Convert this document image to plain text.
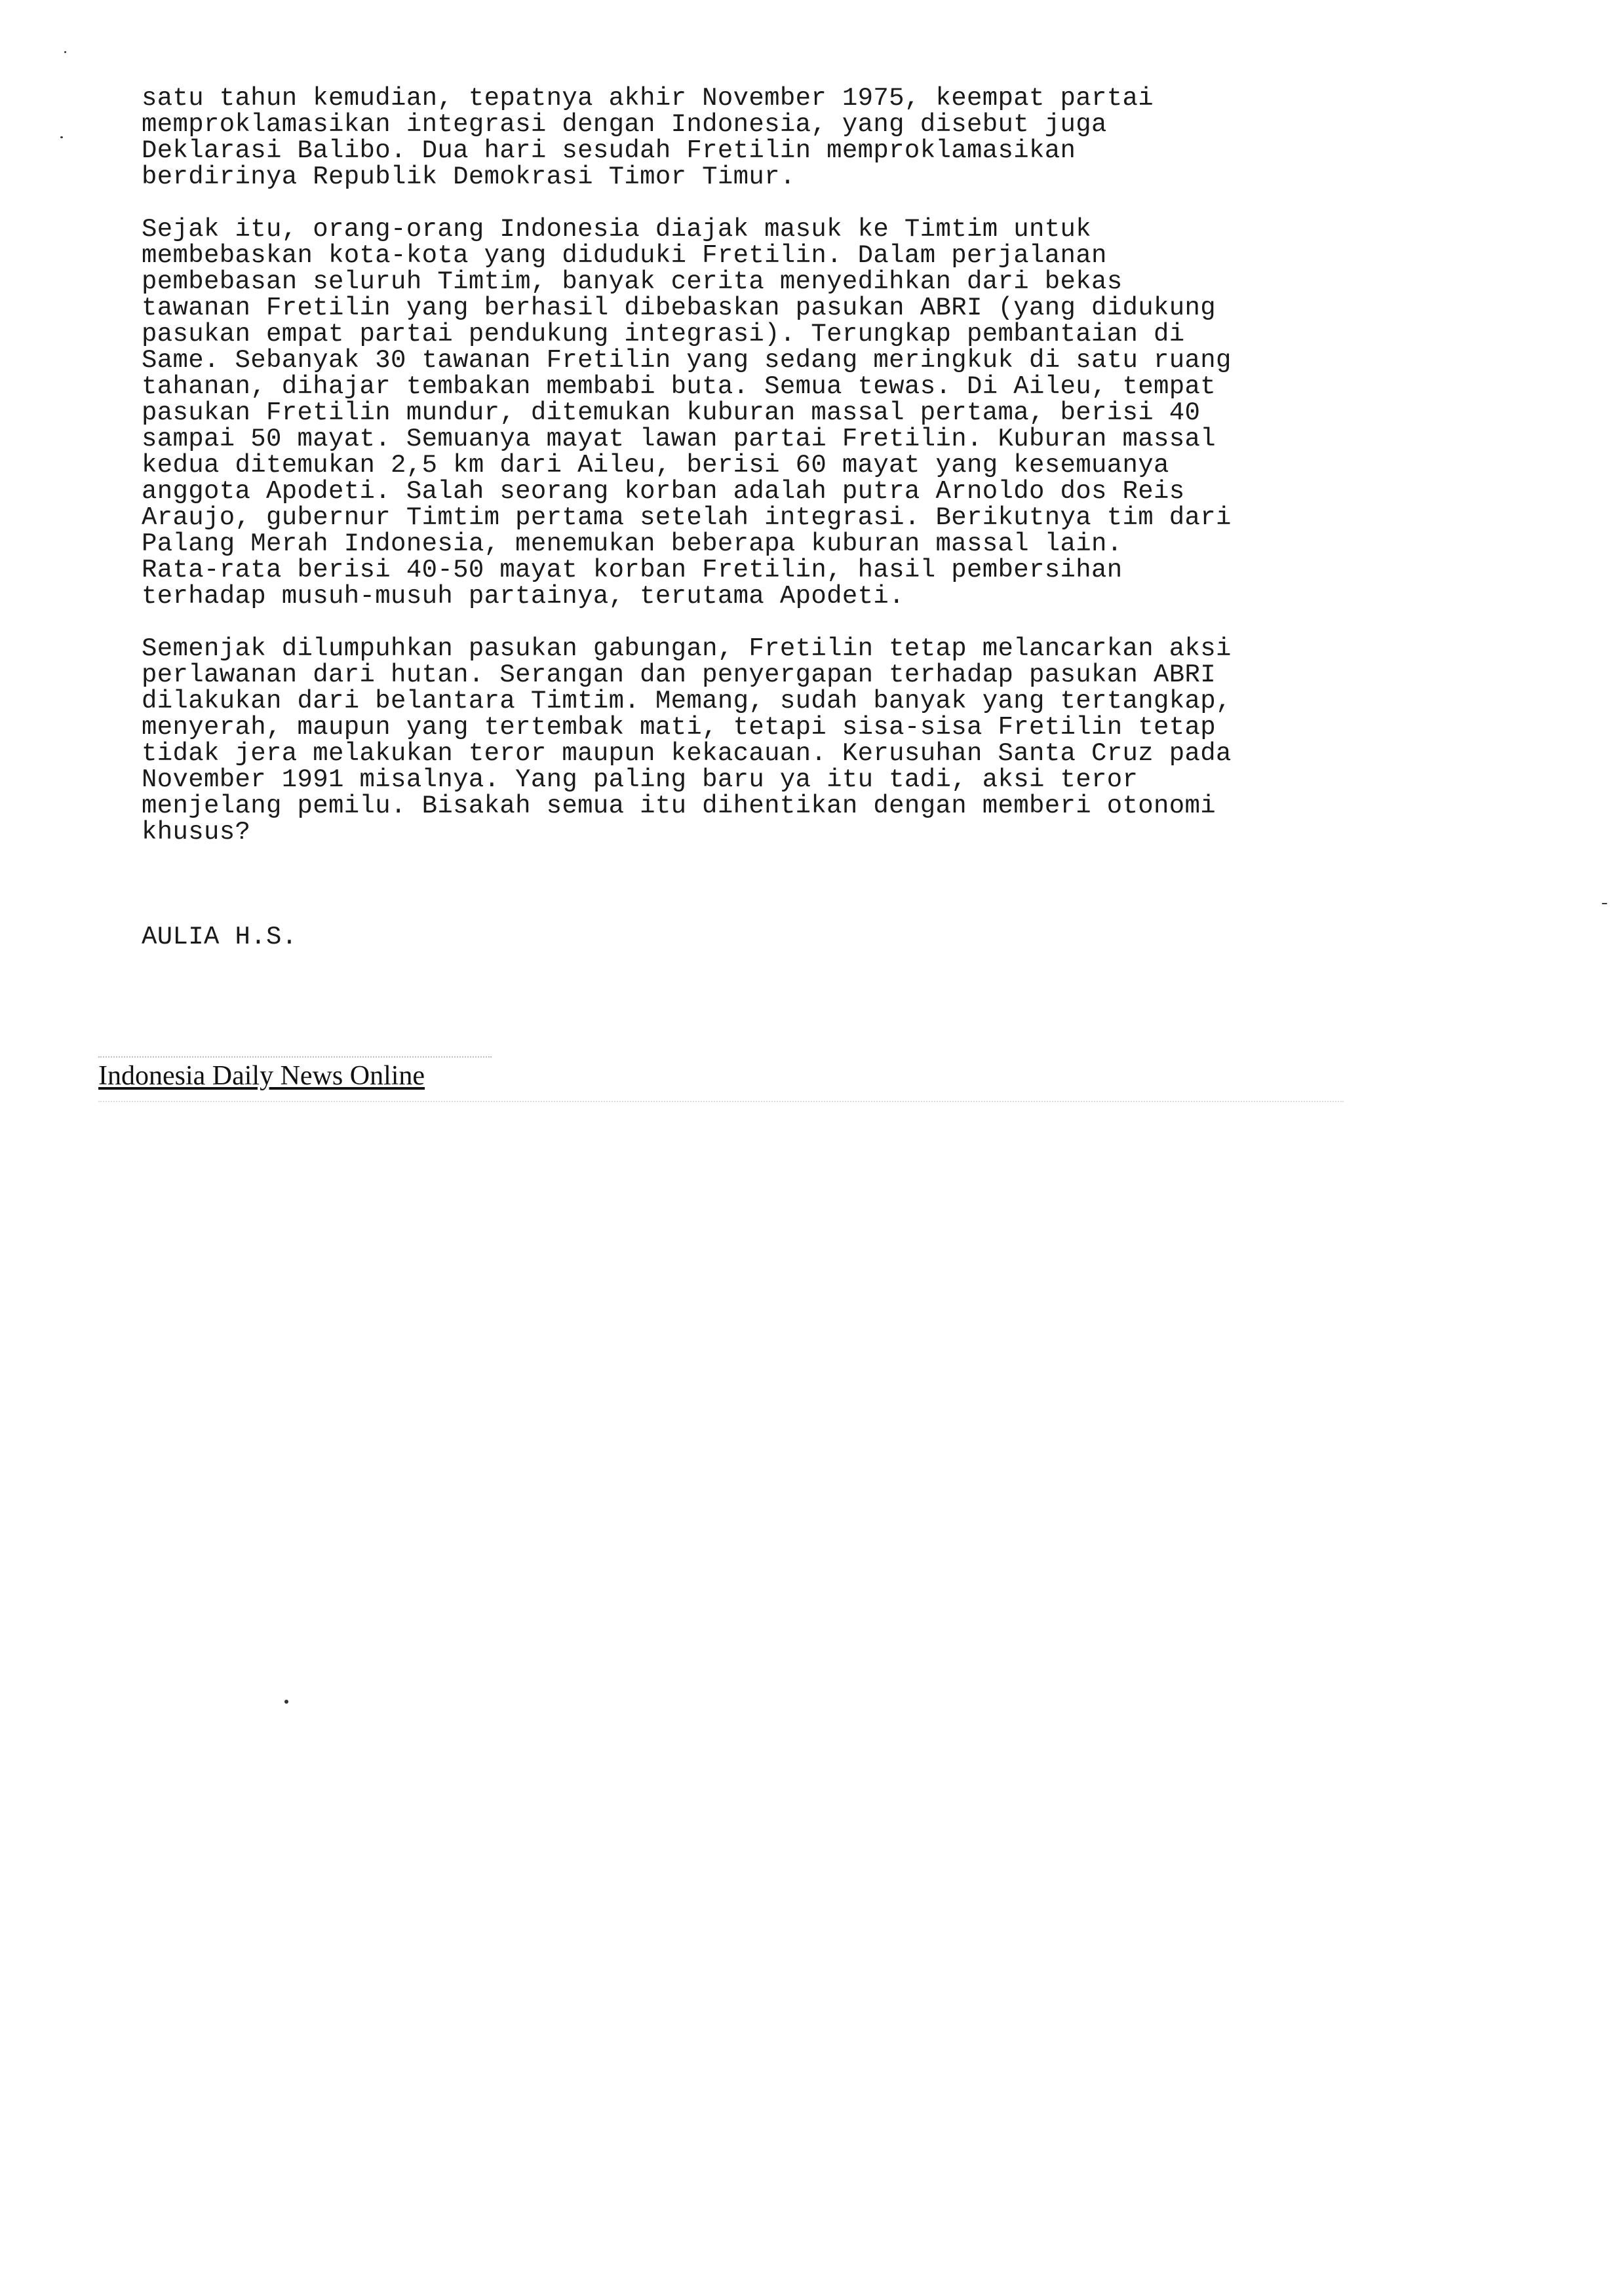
satu tahun kemudian, tepatnya akhir November 1975, keempat partai
memproklamasikan integrasi dengan Indonesia, yang disebut juga
Deklarasi Balibo. Dua hari sesudah Fretilin memproklamasikan
berdirinya Republik Demokrasi Timor Timur.
Sejak itu, orang-orang Indonesia diajak masuk ke Timtim untuk
membebaskan kota-kota yang diduduki Fretilin. Dalam perjalanan
pembebasan seluruh Timtim, banyak cerita menyedihkan dari bekas
tawanan Fretilin yang berhasil dibebaskan pasukan ABRI (yang didukung
pasukan empat partai pendukung integrasi). Terungkap pembantaian di
Same. Sebanyak 30 tawanan Fretilin yang sedang meringkuk di satu ruang
tahanan, dihajar tembakan membabi buta. Semua tewas. Di Aileu, tempat
pasukan Fretilin mundur, ditemukan kuburan massal pertama, berisi 40
sampai 50 mayat. Semuanya mayat lawan partai Fretilin. Kuburan massal
kedua ditemukan 2,5 km dari Aileu, berisi 60 mayat yang kesemuanya
anggota Apodeti. Salah seorang korban adalah putra Arnoldo dos Reis
Araujo, gubernur Timtim pertama setelah integrasi. Berikutnya tim dari
Palang Merah Indonesia, menemukan beberapa kuburan massal lain.
Rata-rata berisi 40-50 mayat korban Fretilin, hasil pembersihan
terhadap musuh-musuh partainya, terutama Apodeti.
Semenjak dilumpuhkan pasukan gabungan, Fretilin tetap melancarkan aksi
perlawanan dari hutan. Serangan dan penyergapan terhadap pasukan ABRI
dilakukan dari belantara Timtim. Memang, sudah banyak yang tertangkap,
menyerah, maupun yang tertembak mati, tetapi sisa-sisa Fretilin tetap
tidak jera melakukan teror maupun kekacauan. Kerusuhan Santa Cruz pada
November 1991 misalnya. Yang paling baru ya itu tadi, aksi teror
menjelang pemilu. Bisakah semua itu dihentikan dengan memberi otonomi
khusus?
AULIA H.S.
Indonesia Daily News Online
